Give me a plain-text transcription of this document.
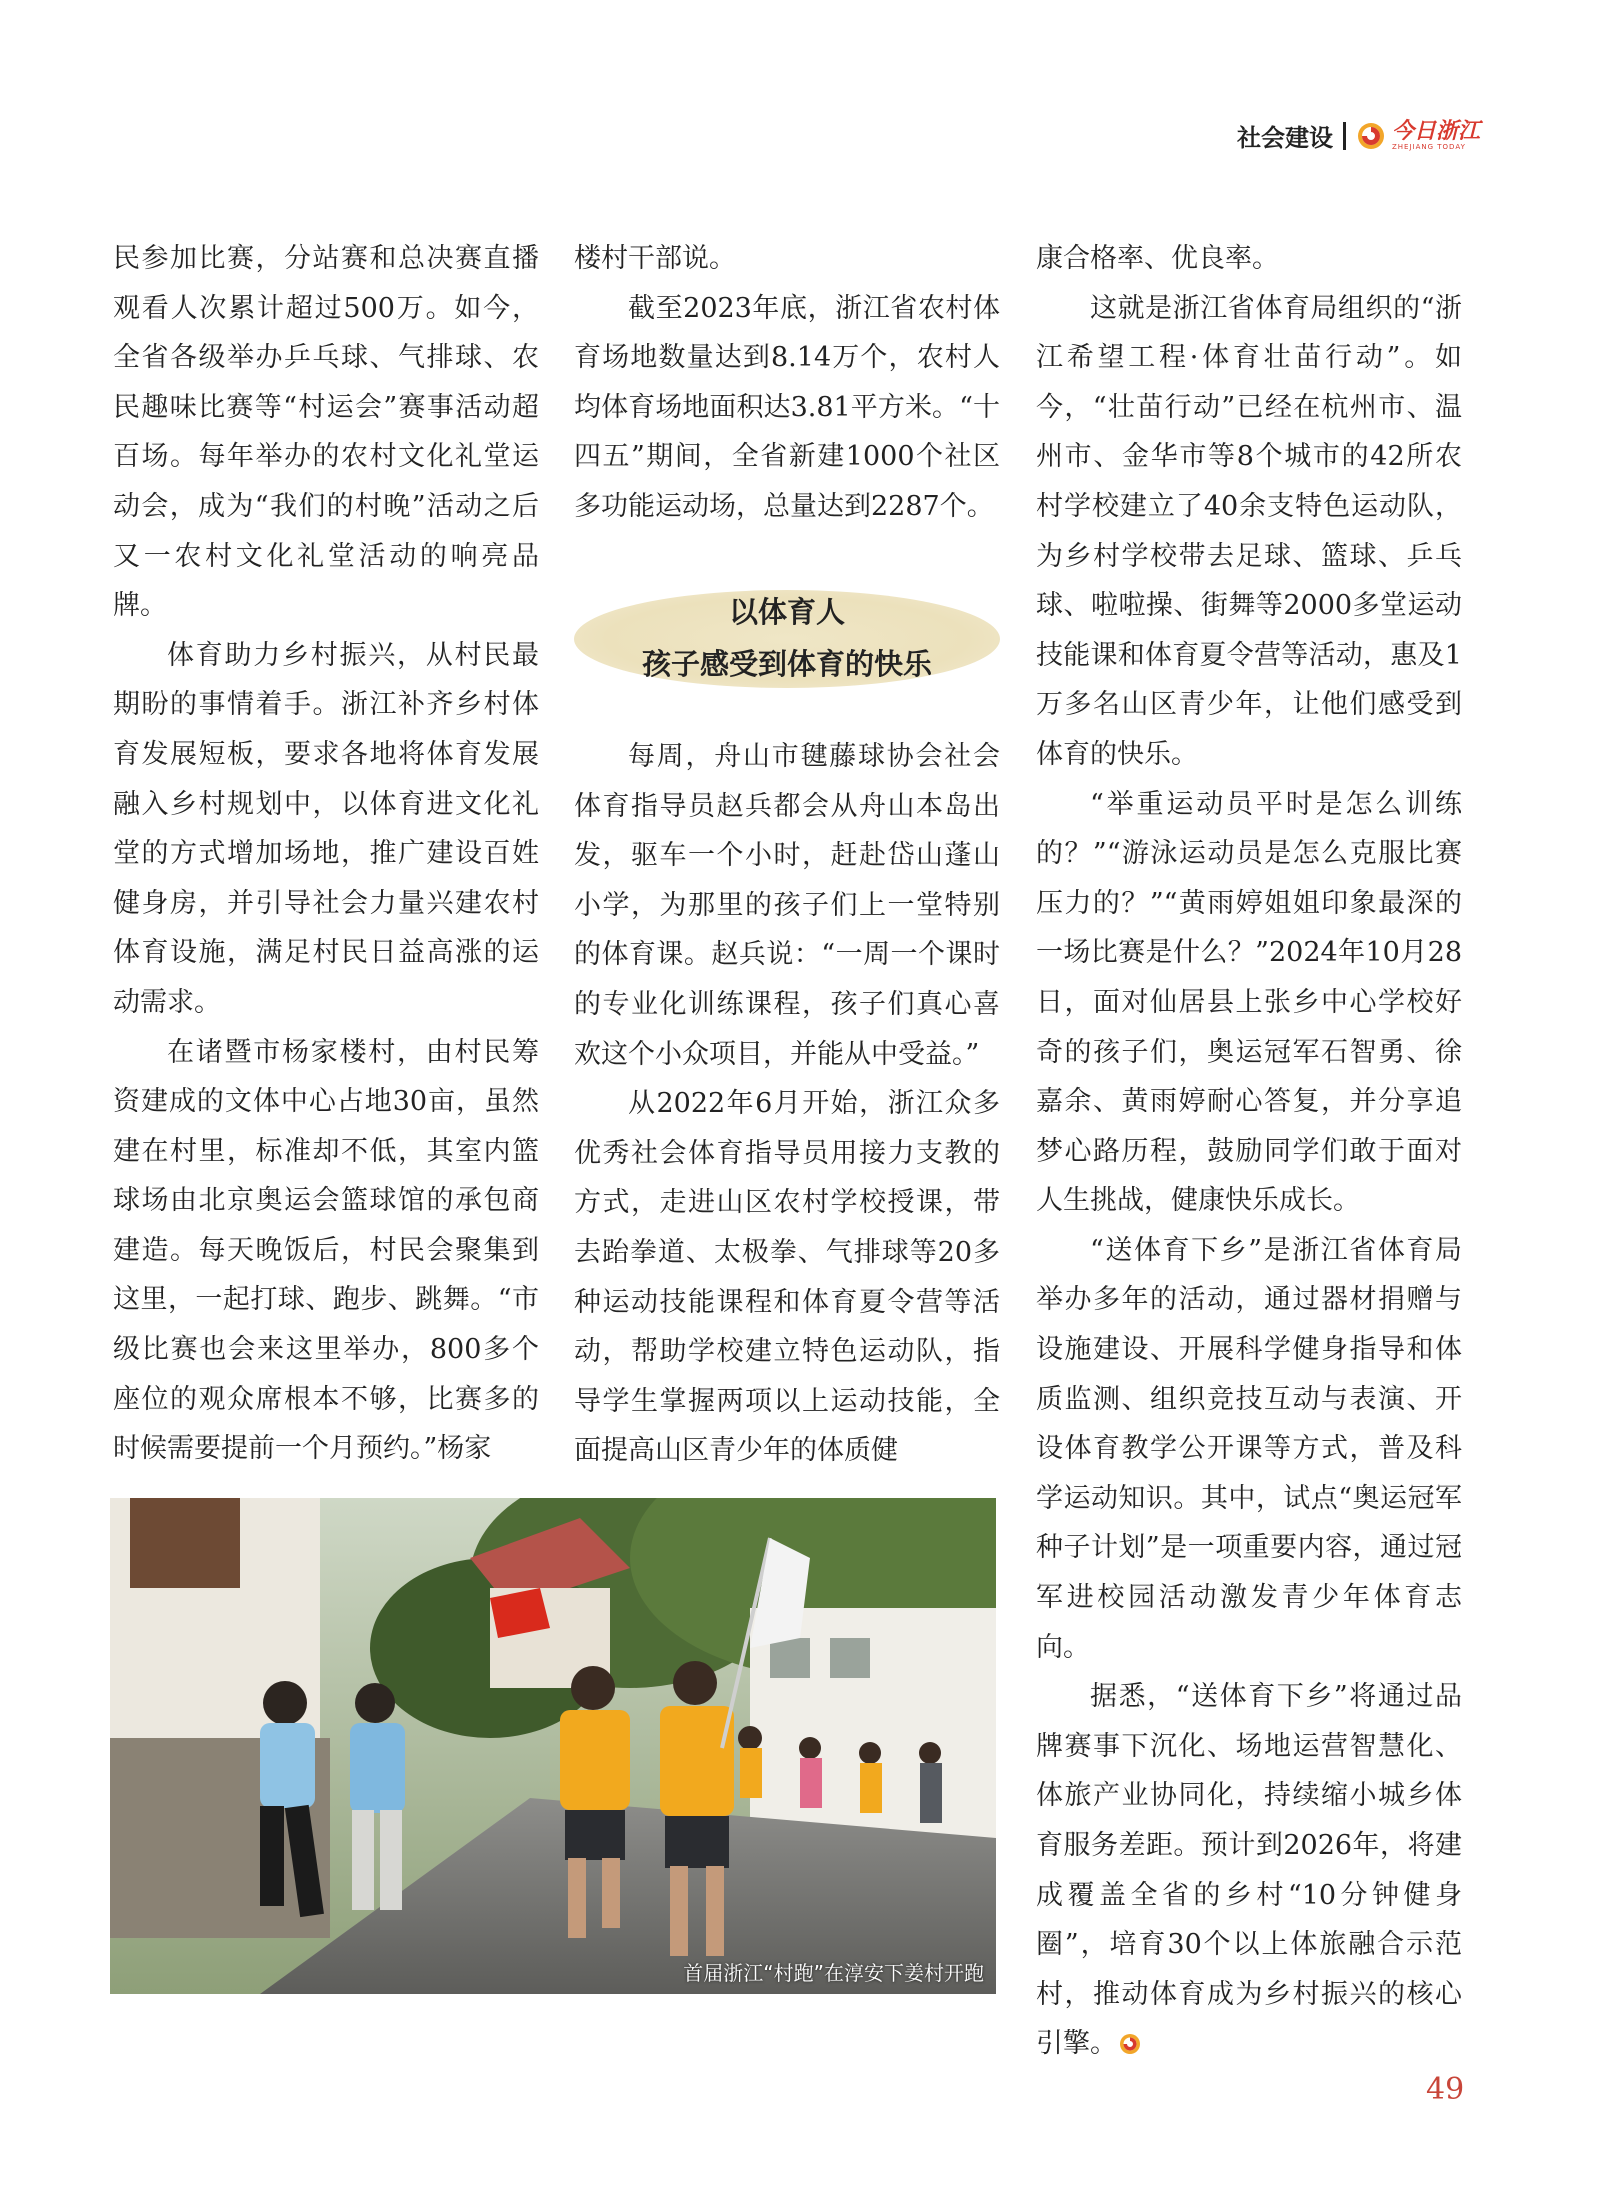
社会建设	今日浙江
ZHEJIANG TODAY

民参加比赛，分站赛和总决赛直播观看人次累计超过500万。如今，全省各级举办乒乓球、气排球、农民趣味比赛等“村运会”赛事活动超百场。每年举办的农村文化礼堂运动会，成为“我们的村晚”活动之后又一农村文化礼堂活动的响亮品牌。

体育助力乡村振兴，从村民最期盼的事情着手。浙江补齐乡村体育发展短板，要求各地将体育发展融入乡村规划中，以体育进文化礼堂的方式增加场地，推广建设百姓健身房，并引导社会力量兴建农村体育设施，满足村民日益高涨的运动需求。

在诸暨市杨家楼村，由村民筹资建成的文体中心占地30亩，虽然建在村里，标准却不低，其室内篮球场由北京奥运会篮球馆的承包商建造。每天晚饭后，村民会聚集到这里，一起打球、跑步、跳舞。“市级比赛也会来这里举办，800多个座位的观众席根本不够，比赛多的时候需要提前一个月预约。”杨家

楼村干部说。

截至2023年底，浙江省农村体育场地数量达到8.14万个，农村人均体育场地面积达3.81平方米。“十四五”期间，全省新建1000个社区多功能运动场，总量达到2287个。

以体育人
孩子感受到体育的快乐

每周，舟山市毽藤球协会社会体育指导员赵兵都会从舟山本岛出发，驱车一个小时，赶赴岱山蓬山小学，为那里的孩子们上一堂特别的体育课。赵兵说：“一周一个课时的专业化训练课程，孩子们真心喜欢这个小众项目，并能从中受益。”

从2022年6月开始，浙江众多优秀社会体育指导员用接力支教的方式，走进山区农村学校授课，带去跆拳道、太极拳、气排球等20多种运动技能课程和体育夏令营等活动，帮助学校建立特色运动队，指导学生掌握两项以上运动技能，全面提高山区青少年的体质健

康合格率、优良率。

这就是浙江省体育局组织的“浙江希望工程·体育壮苗行动”。如今，“壮苗行动”已经在杭州市、温州市、金华市等8个城市的42所农村学校建立了40余支特色运动队，为乡村学校带去足球、篮球、乒乓球、啦啦操、街舞等2000多堂运动技能课和体育夏令营等活动，惠及1万多名山区青少年，让他们感受到体育的快乐。

“举重运动员平时是怎么训练的？”“游泳运动员是怎么克服比赛压力的？”“黄雨婷姐姐印象最深的一场比赛是什么？”2024年10月28日，面对仙居县上张乡中心学校好奇的孩子们，奥运冠军石智勇、徐嘉余、黄雨婷耐心答复，并分享追梦心路历程，鼓励同学们敢于面对人生挑战，健康快乐成长。

“送体育下乡”是浙江省体育局举办多年的活动，通过器材捐赠与设施建设、开展科学健身指导和体质监测、组织竞技互动与表演、开设体育教学公开课等方式，普及科学运动知识。其中，试点“奥运冠军种子计划”是一项重要内容，通过冠军进校园活动激发青少年体育志向。

据悉，“送体育下乡”将通过品牌赛事下沉化、场地运营智慧化、体旅产业协同化，持续缩小城乡体育服务差距。预计到2026年，将建成覆盖全省的乡村“10分钟健身圈”，培育30个以上体旅融合示范村，推动体育成为乡村振兴的核心引擎。

首届浙江“村跑”在淳安下姜村开跑
49
